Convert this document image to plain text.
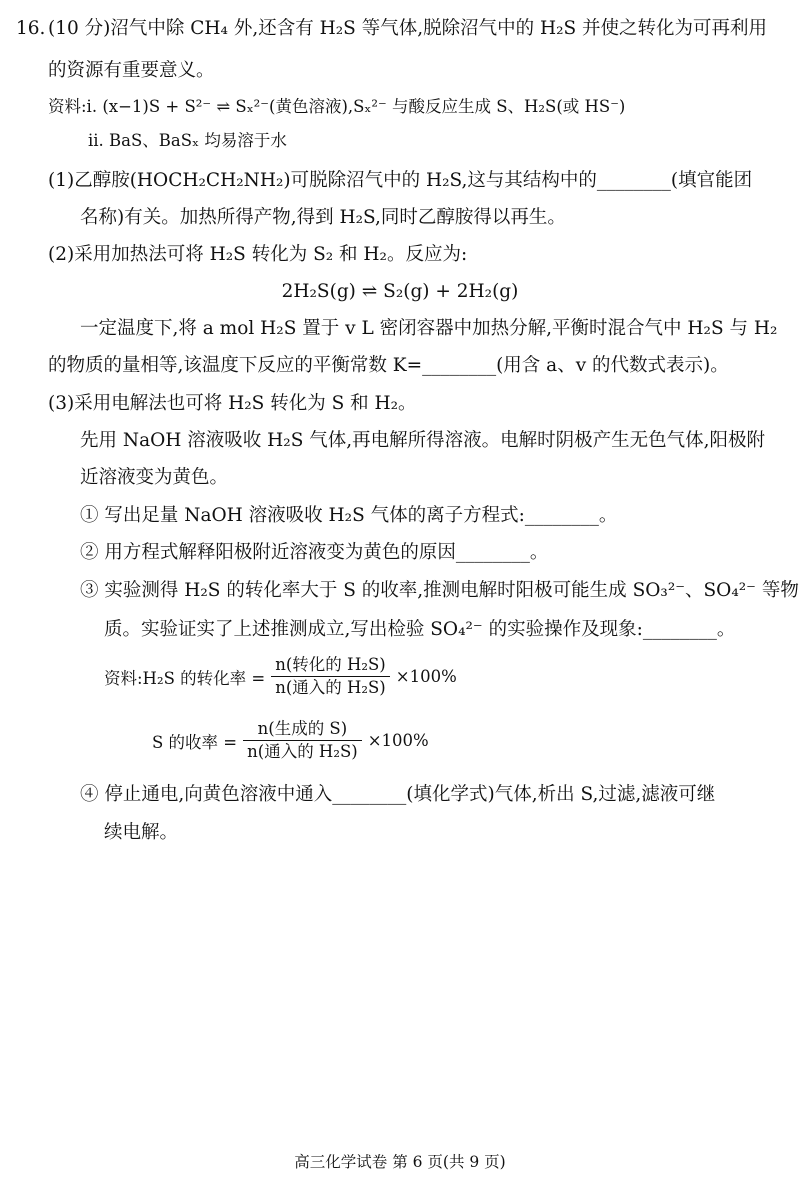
16. (10 分)沼气中除 CH₄ 外,还含有 H₂S 等气体,脱除沼气中的 H₂S 并使之转化为可再利用
的资源有重要意义。
资料:ⅰ. (x−1)S + S²⁻ ⇌ Sₓ²⁻(黄色溶液),Sₓ²⁻ 与酸反应生成 S、H₂S(或 HS⁻)
ⅱ. BaS、BaSₓ 均易溶于水
(1)乙醇胺(HOCH₂CH₂NH₂)可脱除沼气中的 H₂S,这与其结构中的________(填官能团
名称)有关。加热所得产物,得到 H₂S,同时乙醇胺得以再生。
(2)采用加热法可将 H₂S 转化为 S₂ 和 H₂。反应为:
2H₂S(g) ⇌ S₂(g) + 2H₂(g)
一定温度下,将 a mol H₂S 置于 v L 密闭容器中加热分解,平衡时混合气中 H₂S 与 H₂
的物质的量相等,该温度下反应的平衡常数 K=________(用含 a、v 的代数式表示)。
(3)采用电解法也可将 H₂S 转化为 S 和 H₂。
先用 NaOH 溶液吸收 H₂S 气体,再电解所得溶液。电解时阴极产生无色气体,阳极附
近溶液变为黄色。
① 写出足量 NaOH 溶液吸收 H₂S 气体的离子方程式:________。
② 用方程式解释阳极附近溶液变为黄色的原因________。
③ 实验测得 H₂S 的转化率大于 S 的收率,推测电解时阳极可能生成 SO₃²⁻、SO₄²⁻ 等物
质。实验证实了上述推测成立,写出检验 SO₄²⁻ 的实验操作及现象:________。
资料:H₂S 的转化率 = $\frac{\text{n(转化的 H₂S)}}{\text{n(通入的 H₂S)}} \times 100\%$
S 的收率 = $\frac{\text{n(生成的 S)}}{\text{n(通入的 H₂S)}} \times 100\%$
④ 停止通电,向黄色溶液中通入________(填化学式)气体,析出 S,过滤,滤液可继
续电解。
高三化学试卷 第 6 页(共 9 页)
